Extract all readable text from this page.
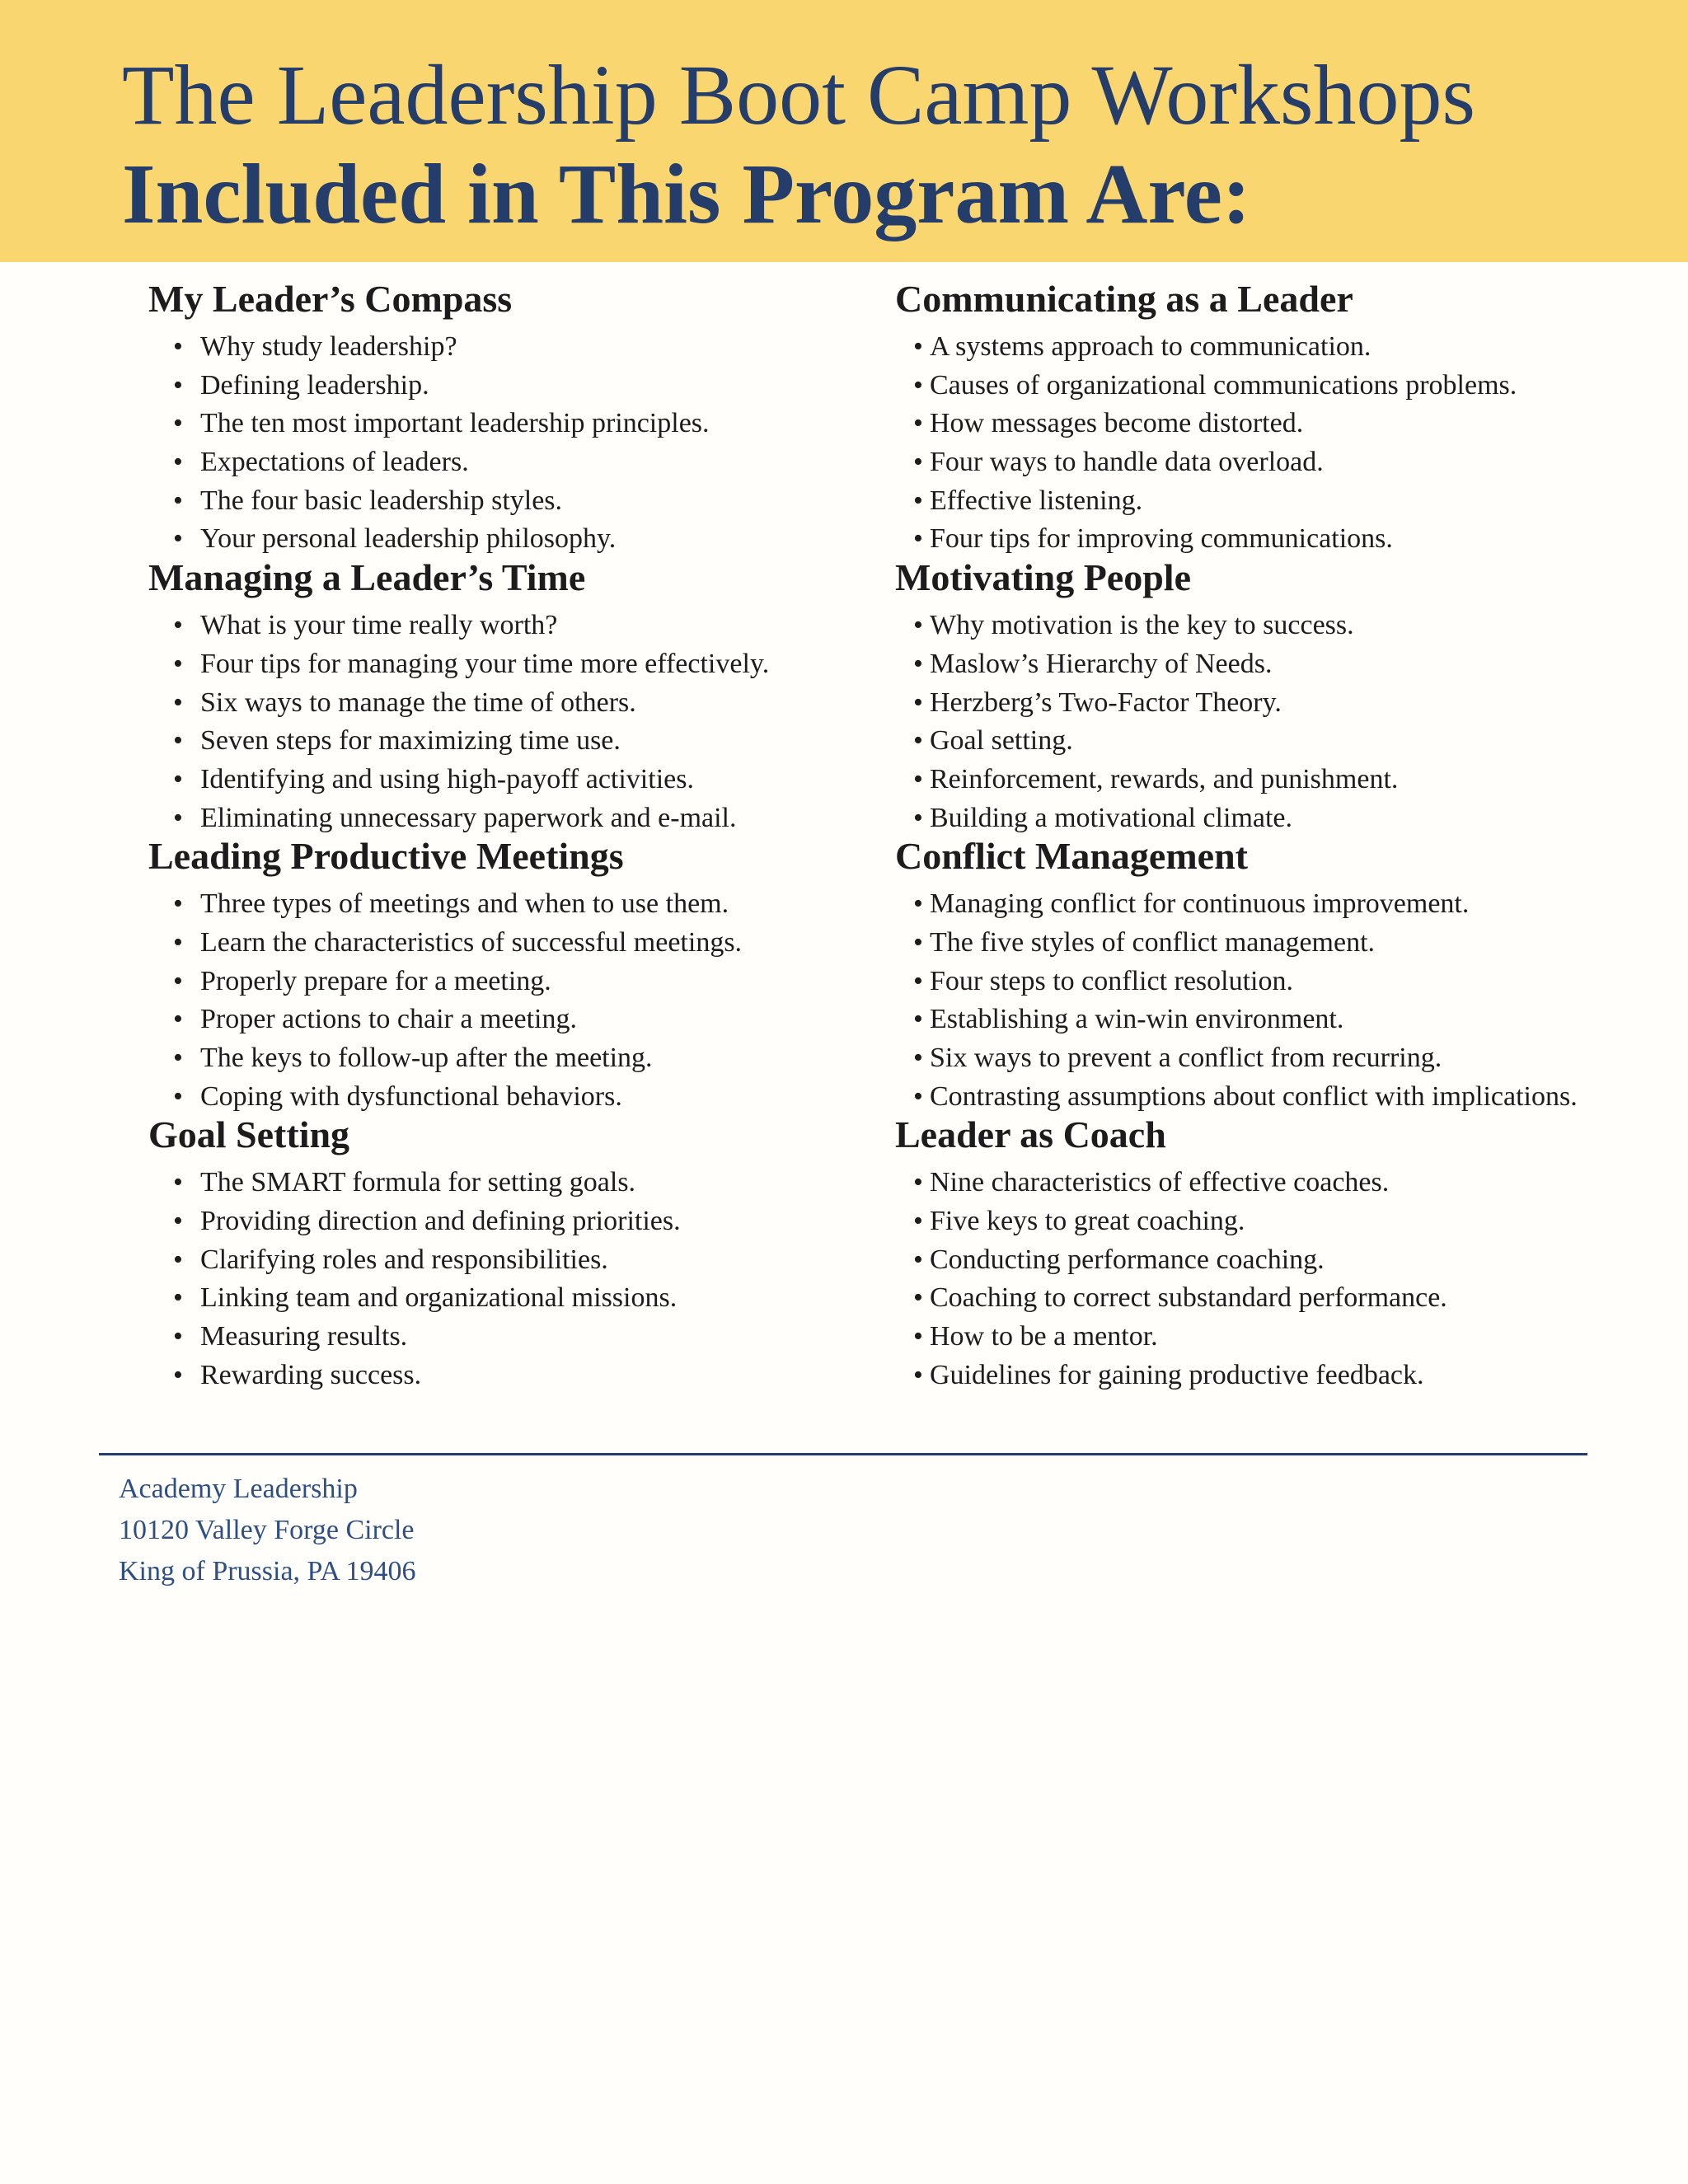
The Leadership Boot Camp Workshops
Included in This Program Are:
My Leader’s Compass
• Why study leadership?
• Defining leadership.
• The ten most important leadership principles.
• Expectations of leaders.
• The four basic leadership styles.
• Your personal leadership philosophy.
Managing a Leader’s Time
• What is your time really worth?
• Four tips for managing your time more effectively.
• Six ways to manage the time of others.
• Seven steps for maximizing time use.
• Identifying and using high-payoff activities.
• Eliminating unnecessary paperwork and e-mail.
Leading Productive Meetings
• Three types of meetings and when to use them.
• Learn the characteristics of successful meetings.
• Properly prepare for a meeting.
• Proper actions to chair a meeting.
• The keys to follow-up after the meeting.
• Coping with dysfunctional behaviors.
Goal Setting
• The SMART formula for setting goals.
• Providing direction and defining priorities.
• Clarifying roles and responsibilities.
• Linking team and organizational missions.
• Measuring results.
• Rewarding success.
Communicating as a Leader
• A systems approach to communication.
• Causes of organizational communications problems.
• How messages become distorted.
• Four ways to handle data overload.
• Effective listening.
• Four tips for improving communications.
Motivating People
• Why motivation is the key to success.
• Maslow’s Hierarchy of Needs.
• Herzberg’s Two-Factor Theory.
• Goal setting.
• Reinforcement, rewards, and punishment.
• Building a motivational climate.
Conflict Management
• Managing conflict for continuous improvement.
• The five styles of conflict management.
• Four steps to conflict resolution.
• Establishing a win-win environment.
• Six ways to prevent a conflict from recurring.
• Contrasting assumptions about conflict with implications.
Leader as Coach
• Nine characteristics of effective coaches.
• Five keys to great coaching.
• Conducting performance coaching.
• Coaching to correct substandard performance.
• How to be a mentor.
• Guidelines for gaining productive feedback.
Academy Leadership
10120 Valley Forge Circle
King of Prussia, PA 19406
